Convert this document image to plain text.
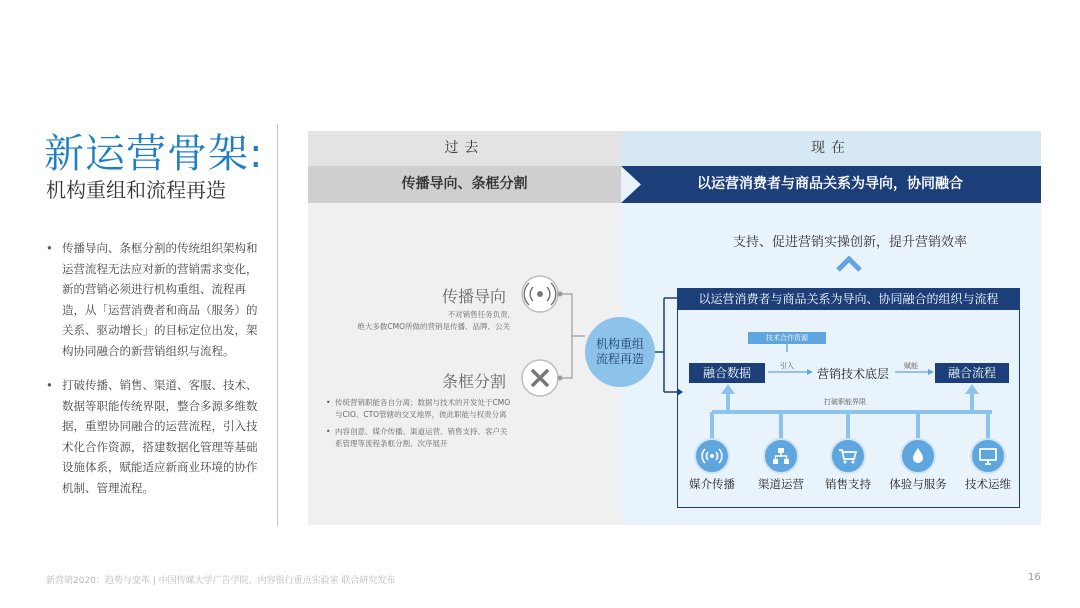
新运营骨架:
机构重组和流程再造
• 传播导向、条框分割的传统组织架构和运营流程无法应对新的营销需求变化，新的营销必须进行机构重组、流程再造，从「运营消费者和商品（服务）的关系、驱动增长」的目标定位出发，架构协同融合的新营销组织与流程。
• 打破传播、销售、渠道、客服、技术、数据等职能传统界限，整合多源多维数据，重塑协同融合的运营流程，引入技术化合作资源，搭建数据化管理等基础设施体系，赋能适应新商业环境的协作机制、管理流程。
过去	现在
传播导向、条框分割	以运营消费者与商品关系为导向，协同融合
传播导向
不对销售任务负责,
绝大多数CMO所做的营销是传播、品牌、公关
条框分割
• 传统营销职能各自分离；数据与技术的开发处于CMO与CIO、CTO管辖的交叉地界，彼此职能与权责分离
• 内容创意、媒介传播、渠道运营、销售支持、客户关系管理等流程条框分割、次序展开
机构重组
流程再造
支持、促进营销实操创新，提升营销效率
以运营消费者与商品关系为导向、协同融合的组织与流程
技术合作资源
引入	赋能
融合数据	营销技术底层	融合流程
打破职能界限
媒介传播	渠道运营	销售支持	体验与服务	技术运维
新营销2020：趋势与变革 | 中国传媒大学广告学院、内容银行重点实验室 联合研究发布	16
